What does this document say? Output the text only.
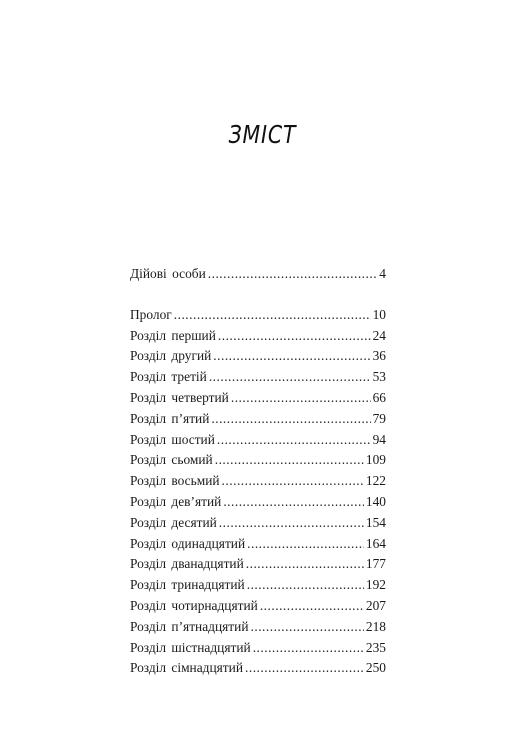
ЗМІСТ
Дійові особи .....	4
Пролог .....	10
Розділ перший .....	24
Розділ другий .....	36
Розділ третій .....	53
Розділ четвертий .....	66
Розділ п’ятий .....	79
Розділ шостий .....	94
Розділ сьомий .....	109
Розділ восьмий .....	122
Розділ дев’ятий .....	140
Розділ десятий .....	154
Розділ одинадцятий .....	164
Розділ дванадцятий .....	177
Розділ тринадцятий .....	192
Розділ чотирнадцятий .....	207
Розділ п’ятнадцятий .....	218
Розділ шістнадцятий .....	235
Розділ сімнадцятий .....	250
